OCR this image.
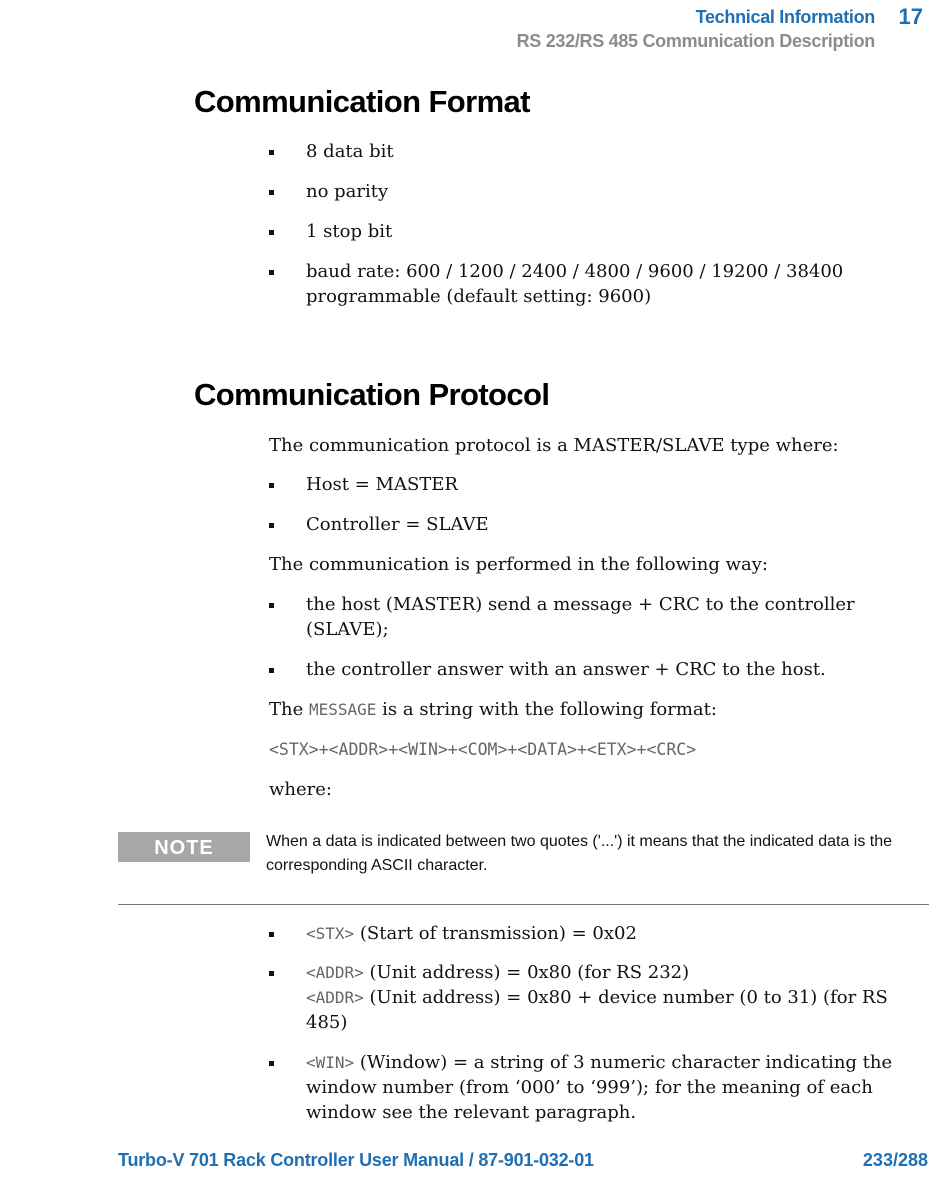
Technical Information 17
RS 232/RS 485 Communication Description
Communication Format
8 data bit
no parity
1 stop bit
baud rate: 600 / 1200 / 2400 / 4800 / 9600 / 19200 / 38400
programmable (default setting: 9600)
Communication Protocol

The communication protocol is a MASTER/SLAVE type where:

Host = MASTER
Controller = SLAVE

The communication is performed in the following way:

the host (MASTER) send a message + CRC to the controller (SLAVE);
the controller answer with an answer + CRC to the host.

The MESSAGE is a string with the following format:

<STX>+<ADDR>+<WIN>+<COM>+<DATA>+<ETX>+<CRC>

where:

NOTE	When a data is indicated between two quotes ('...') it means that the indicated data is the corresponding ASCII character.
<STX> (Start of transmission) = 0x02
<ADDR> (Unit address) = 0x80 (for RS 232)
<ADDR> (Unit address) = 0x80 + device number (0 to 31) (for RS 485)
<WIN> (Window) = a string of 3 numeric character indicating the window number (from ‘000’ to ‘999’); for the meaning of each window see the relevant paragraph.
Turbo-V 701 Rack Controller User Manual / 87-901-032-01	233/288
